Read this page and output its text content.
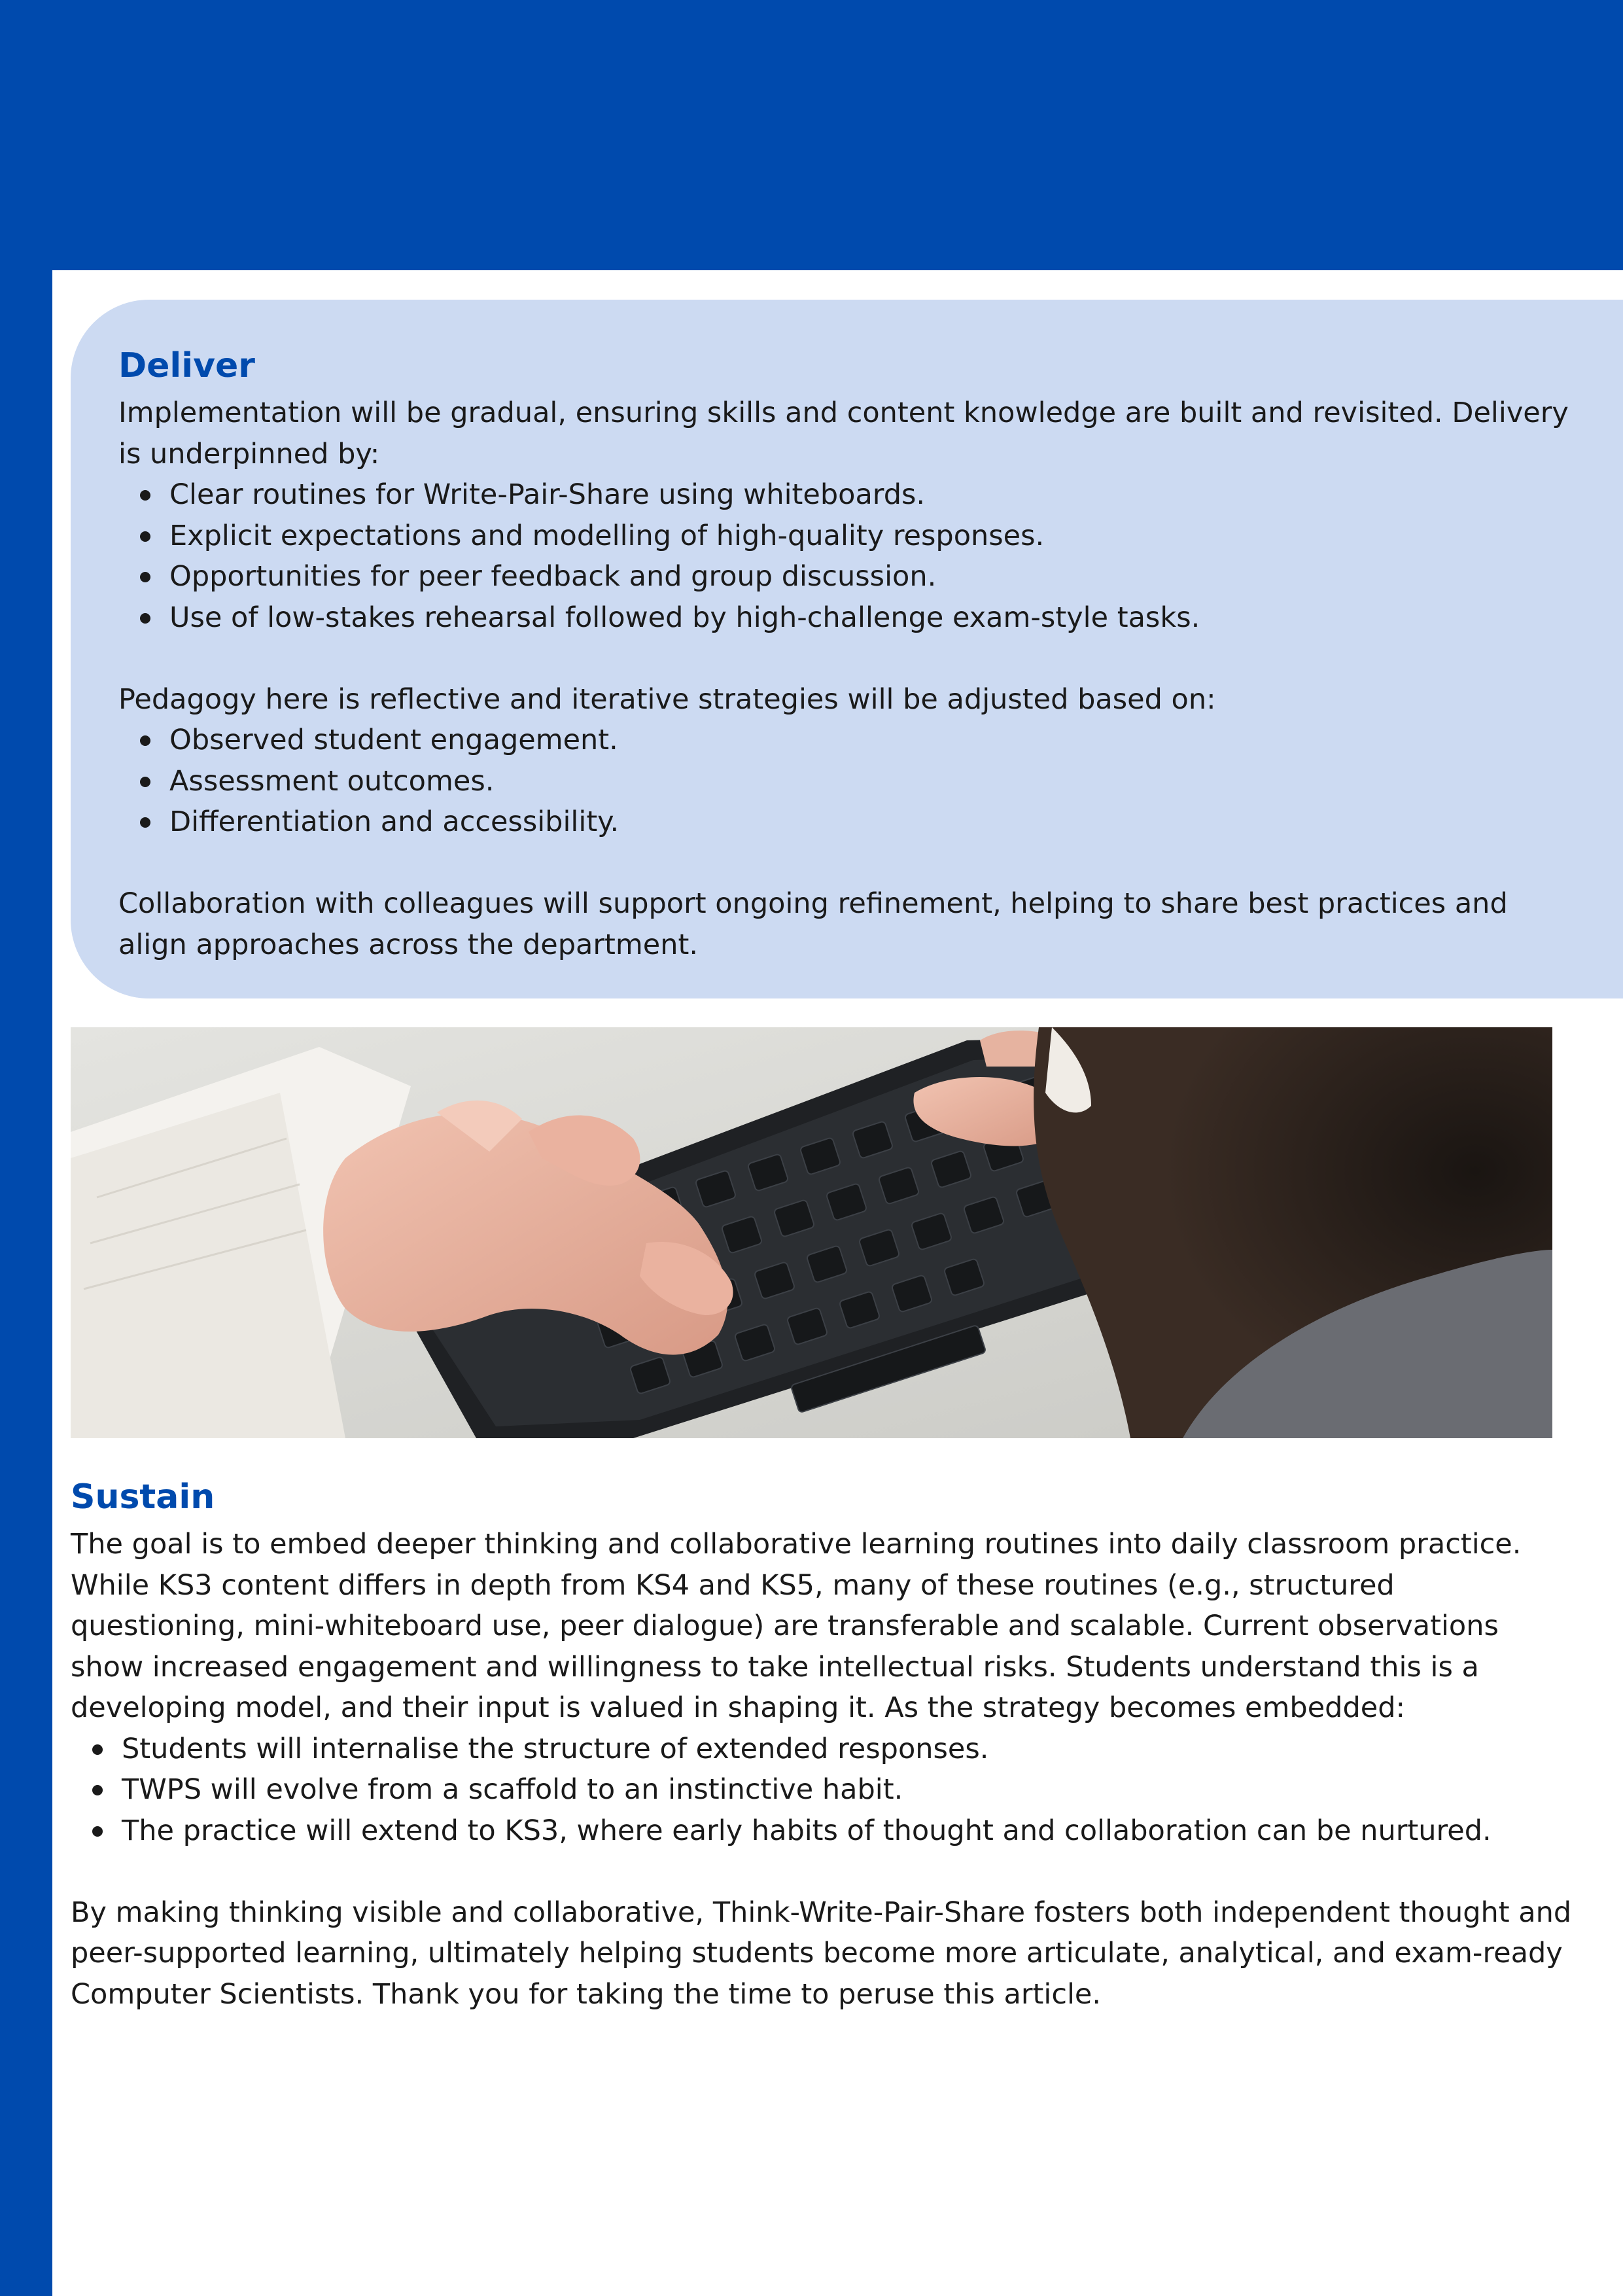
Deliver

Implementation will be gradual, ensuring skills and content knowledge are built and revisited. Delivery is underpinned by:

Clear routines for Write-Pair-Share using whiteboards.
Explicit expectations and modelling of high-quality responses.
Opportunities for peer feedback and group discussion.
Use of low-stakes rehearsal followed by high-challenge exam-style tasks.

Pedagogy here is reflective and iterative strategies will be adjusted based on:

Observed student engagement.
Assessment outcomes.
Differentiation and accessibility.

Collaboration with colleagues will support ongoing refinement, helping to share best practices and align approaches across the department.

Sustain

The goal is to embed deeper thinking and collaborative learning routines into daily classroom practice. While KS3 content differs in depth from KS4 and KS5, many of these routines (e.g., structured questioning, mini-whiteboard use, peer dialogue) are transferable and scalable. Current observations show increased engagement and willingness to take intellectual risks. Students understand this is a developing model, and their input is valued in shaping it. As the strategy becomes embedded:

Students will internalise the structure of extended responses.
TWPS will evolve from a scaffold to an instinctive habit.
The practice will extend to KS3, where early habits of thought and collaboration can be nurtured.

By making thinking visible and collaborative, Think-Write-Pair-Share fosters both independent thought and peer-supported learning, ultimately helping students become more articulate, analytical, and exam-ready Computer Scientists. Thank you for taking the time to peruse this article.
